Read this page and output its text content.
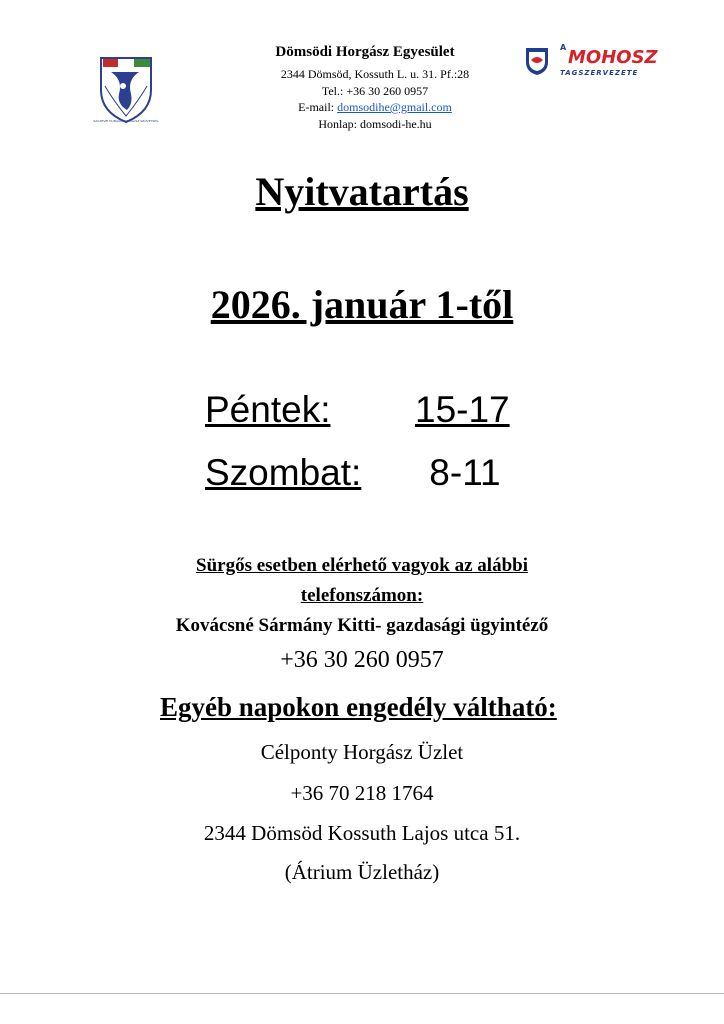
RÁCKEVEI DUNAÁGI HORGÁSZ SZÖVETSÉG
Dömsödi Horgász Egyesület
2344 Dömsöd, Kossuth L. u. 31. Pf.:28
Tel.: +36 30 260 0957
E-mail: domsodihe@gmail.com
Honlap: domsodi-he.hu
A MOHOSZ
TAGSZERVEZETE
Nyitvatartás
2026. január 1-től
Péntek: 15-17
Szombat: 8-11
Sürgős esetben elérhető vagyok az alábbi
telefonszámon:
Kovácsné Sármány Kitti- gazdasági ügyintéző
+36 30 260 0957
Egyéb napokon engedély váltható:
Célponty Horgász Üzlet
+36 70 218 1764
2344 Dömsöd Kossuth Lajos utca 51.
(Átrium Üzletház)
